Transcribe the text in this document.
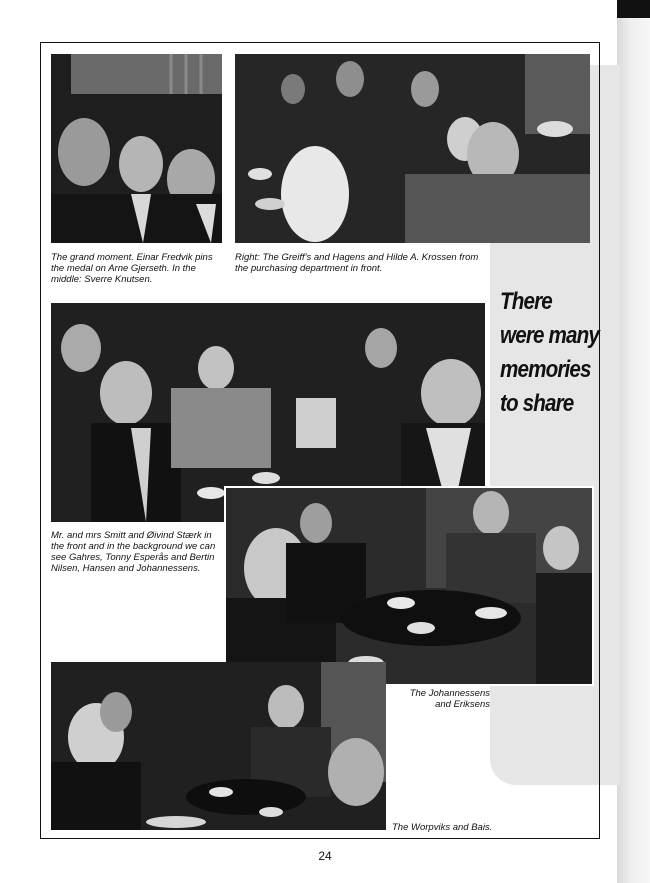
The grand moment. Einar Fredvik pins the medal on Arne Gjerseth. In the middle: Sverre Knutsen.

Right: The Greiff's and Hagens and Hilde A. Krossen from the purchasing department in front.

There
were many
memories
to share

Mr. and mrs Smitt and Øivind Stærk in the front and in the background we can see Gahres, Tonny Esperås and Bertin Nilsen, Hansen and Johannessens.

The Johannessens and Eriksens

The Worpviks and Bais.

24
